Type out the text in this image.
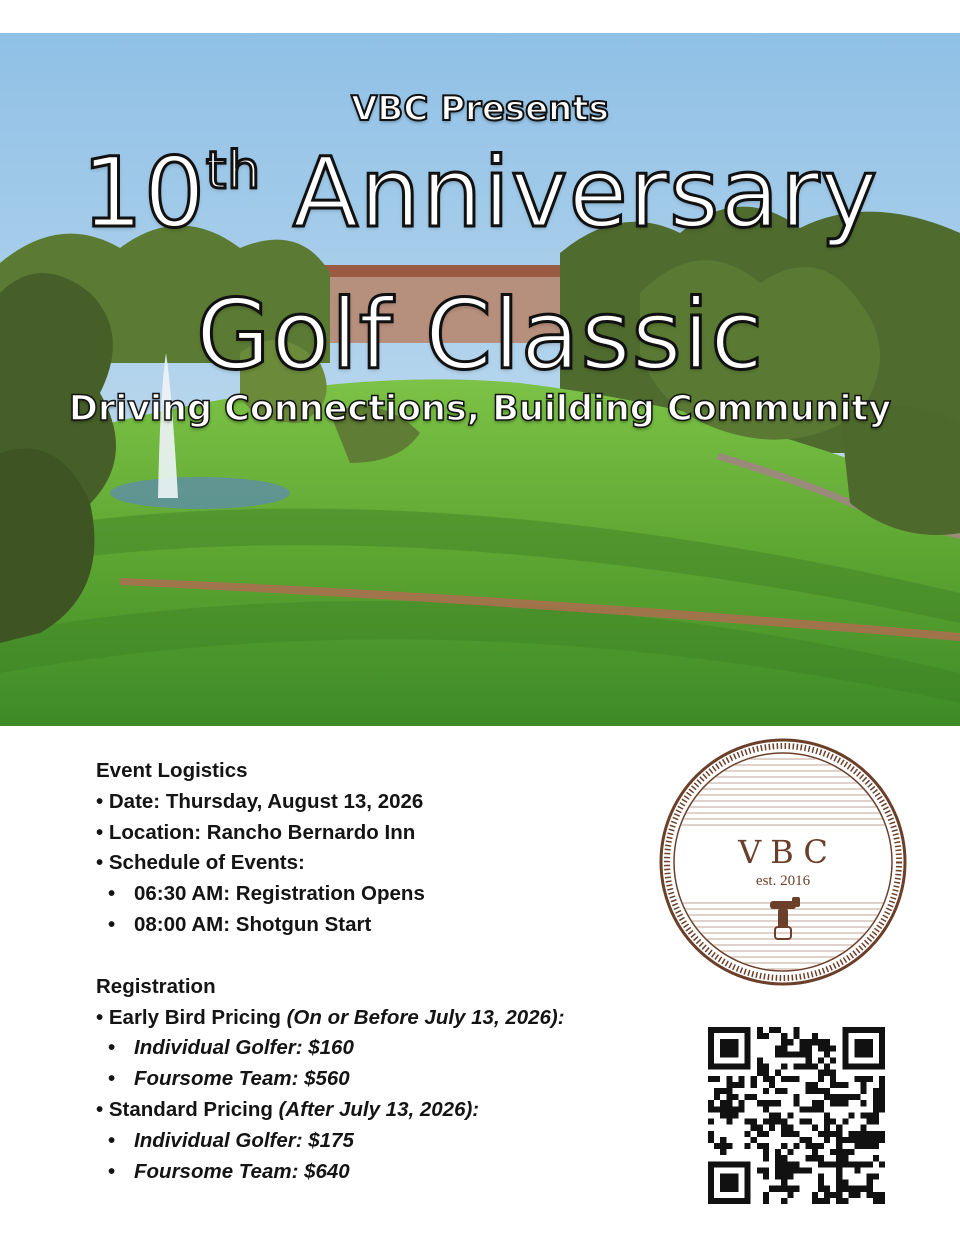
VBC Presents
10th Anniversary
Golf Classic
Driving Connections, Building Community

Event Logistics

• Date: Thursday, August 13, 2026

• Location: Rancho Bernardo Inn

• Schedule of Events:

• 06:30 AM: Registration Opens

• 08:00 AM: Shotgun Start

Registration

• Early Bird Pricing (On or Before July 13, 2026):

• Individual Golfer: $160

• Foursome Team: $560

• Standard Pricing (After July 13, 2026):

• Individual Golfer: $175

• Foursome Team: $640

VBC
est. 2016
